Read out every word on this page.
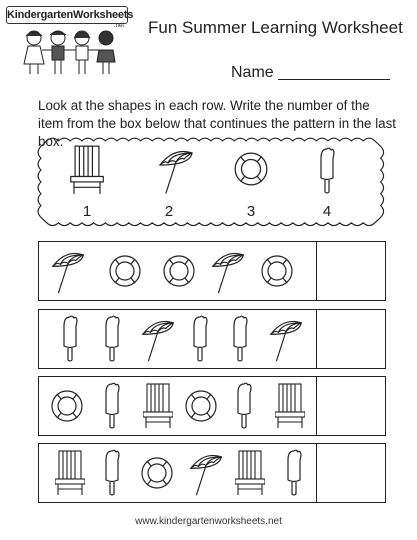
KindergartenWorksheets
.net Fun Summer Learning Worksheet
Name
Look at the shapes in each row. Write the number of the item from the box below that continues the pattern in the last box.
1	2	3	4
www.kindergartenworksheets.net
